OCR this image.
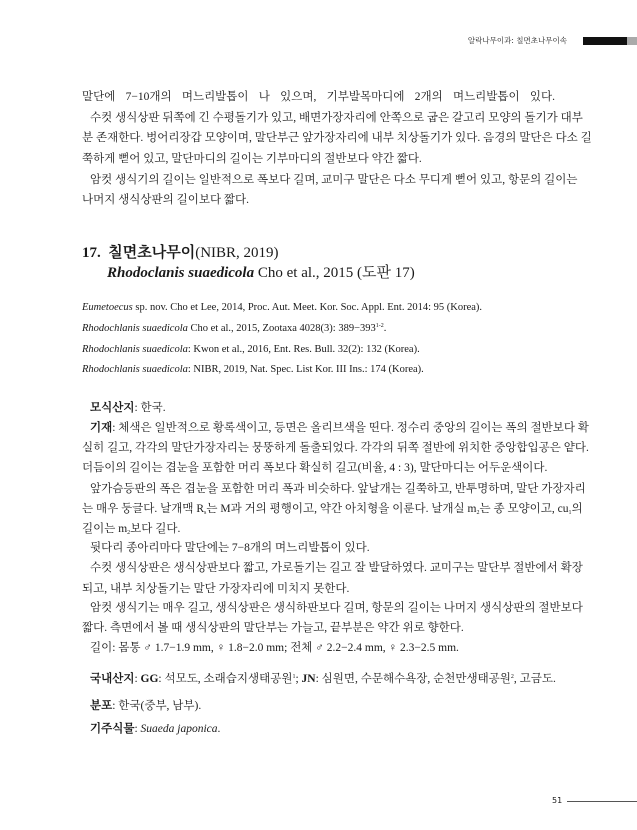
알락나무이과: 칠면초나무이속
말단에 7−10개의 며느리발톱이 나 있으며, 기부발목마디에 2개의 며느리발톱이 있다.
수컷 생식상판 뒤쪽에 긴 수평돌기가 있고, 배면가장자리에 안쪽으로 굽은 갈고리 모양의 돌기가 대부
분 존재한다. 벙어리장갑 모양이며, 말단부근 앞가장자리에 내부 치상돌기가 있다. 음경의 말단은 다소 길
쭉하게 뻗어 있고, 말단마디의 길이는 기부마디의 절반보다 약간 짧다.
암컷 생식기의 길이는 일반적으로 폭보다 길며, 교미구 말단은 다소 무디게 뻗어 있고, 항문의 길이는
나머지 생식상판의 길이보다 짧다.
17. 칠면초나무이(NIBR, 2019)
Rhodoclanis suaedicola Cho et al., 2015 (도판 17)
Eumetoecus sp. nov. Cho et Lee, 2014, Proc. Aut. Meet. Kor. Soc. Appl. Ent. 2014: 95 (Korea).
Rhodochlanis suaedicola Cho et al., 2015, Zootaxa 4028(3): $389-393^{1-2}$.
Rhodochlanis suaedicola: Kwon et al., 2016, Ent. Res. Bull. 32(2): 132 (Korea).
Rhodochlanis suaedicola: NIBR, 2019, Nat. Spec. List Kor. III Ins.: 174 (Korea).
모식산지: 한국.
기재: 체색은 일반적으로 황록색이고, 등면은 올리브색을 띤다. 정수리 중앙의 길이는 폭의 절반보다 확
실히 길고, 각각의 말단가장자리는 뭉뚱하게 돌출되었다. 각각의 뒤쪽 절반에 위치한 중앙합입공은 얕다.
더듬이의 길이는 겹눈을 포함한 머리 폭보다 확실히 길고(비율, 4 : 3), 말단마디는 어두운색이다.
앞가슴등판의 폭은 겹눈을 포함한 머리 폭과 비슷하다. 앞날개는 길쭉하고, 반투명하며, 말단 가장자리
는 매우 둥글다. 날개맥 $R_s$는 M과 거의 평행이고, 약간 아치형을 이룬다. 날개실 $m_2$는 종 모양이고, $cu_1$의
길이는 $m_2$보다 길다.
뒷다리 종아리마다 말단에는 7−8개의 며느리발톱이 있다.
수컷 생식상판은 생식상판보다 짧고, 가로돌기는 길고 잘 발달하였다. 교미구는 말단부 절반에서 확장
되고, 내부 치상돌기는 말단 가장자리에 미치지 못한다.
암컷 생식기는 매우 길고, 생식상판은 생식하판보다 길며, 항문의 길이는 나머지 생식상판의 절반보다
짧다. 측면에서 볼 때 생식상판의 말단부는 가늘고, 끝부분은 약간 위로 향한다.
길이: 몸통 ♂ 1.7−1.9 mm, ♀ 1.8−2.0 mm; 전체 ♂ 2.2−2.4 mm, ♀ 2.3−2.5 mm.
국내산지: GG: 석모도, 소래습지생태공원$^1$; JN: 심원면, 수문해수욕장, 순천만생태공원$^2$, 고금도.
분포: 한국(중부, 남부).
기주식물: Suaeda japonica.
51
